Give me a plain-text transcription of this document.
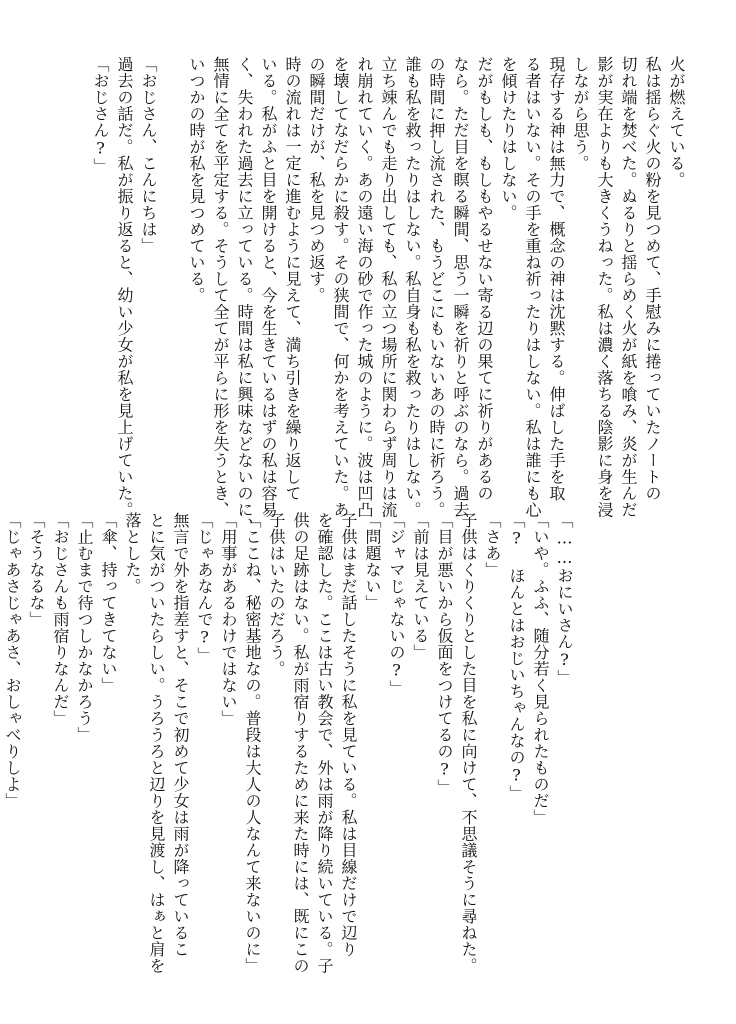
火が燃えている。
私は揺らぐ火の粉を見つめて、手慰みに捲っていたノートの
切れ端を焚べた。ぬるりと揺らめく火が紙を喰み、炎が生んだ
影が実在よりも大きくうねった。私は濃く落ちる陰影に身を浸
しながら思う。
現存する神は無力で、概念の神は沈黙する。伸ばした手を取
る者はいない。その手を重ね祈ったりはしない。私は誰にも心
を傾けたりはしない。
だがもしも、もしもやるせない寄る辺の果てに祈りがあるの
なら。ただ目を瞑る瞬間、思う一瞬を祈りと呼ぶのなら。過去
の時間に押し流された、もうどこにもいないあの時に祈ろう。
誰も私を救ったりはしない。私自身も私を救ったりはしない。
立ち竦んでも走り出しても、私の立つ場所に関わらず周りは流
れ崩れていく。あの遠い海の砂で作った城のように。波は凹凸
を壊してなだらかに殺す。その狭間で、何かを考えていた。あ
の瞬間だけが、私を見つめ返す。
時の流れは一定に進むように見えて、満ち引きを繰り返して
いる。私がふと目を開けると、今を生きているはずの私は容易
く、失われた過去に立っている。時間は私に興味などないのに、
無情に全てを平定する。そうして全てが平らに形を失うとき、
いつかの時が私を見つめている。

「おじさん、こんにちは」
過去の話だ。私が振り返ると、幼い少女が私を見上げていた。
「おじさん?」
「……おにいさん?」
「いや。ふふ、随分若く見られたものだ」
「? ほんとはおじいちゃんなの?」
「さあ」
子供はくりくりとした目を私に向けて、不思議そうに尋ねた。
「目が悪いから仮面をつけてるの?」
「前は見えている」
「ジャマじゃないの?」
「問題ない」
子供はまだ話したそうに私を見ている。私は目線だけで辺り
を確認した。ここは古い教会で、外は雨が降り続いている。子
供の足跡はない。私が雨宿りするために来た時には、既にこの
子供はいたのだろう。
「ここね、秘密基地なの。普段は大人の人なんて来ないのに」
「用事があるわけではない」
「じゃあなんで?」
無言で外を指差すと、そこで初めて少女は雨が降っているこ
とに気がついたらしい。うろうろと辺りを見渡し、はぁと肩を
落とした。
「傘、持ってきてない」
「止むまで待つしかなかろう」
「おじさんも雨宿りなんだ」
「そうなるな」
「じゃあさじゃあさ、おしゃべりしよ」
